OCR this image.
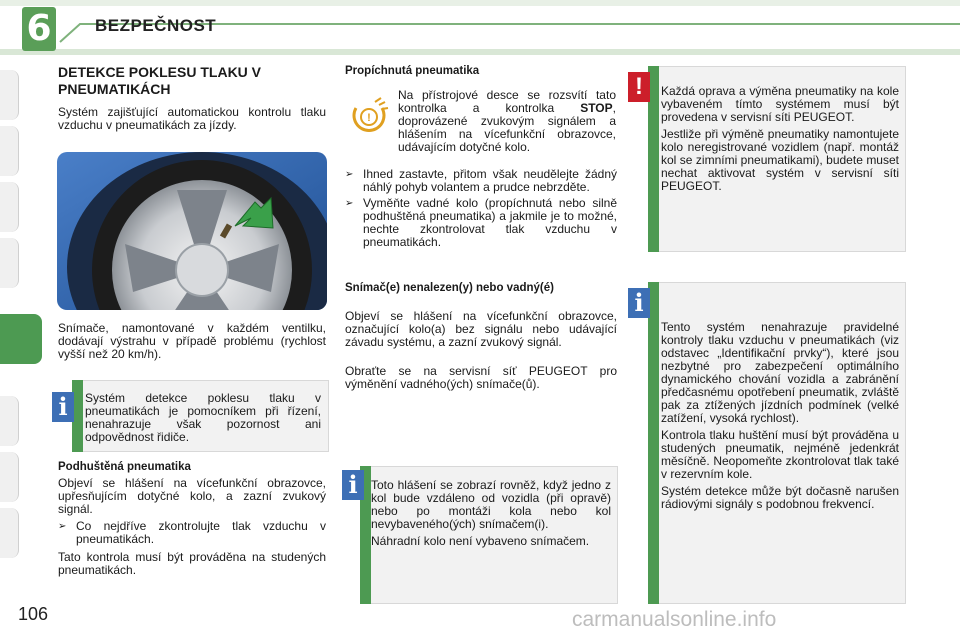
6	BEZPEČNOST
DETEKCE POKLESU TLAKU V PNEUMATIKÁCH
Systém zajišťující automatickou kontrolu tlaku vzduchu v pneumatikách za jízdy.
Snímače, namontované v každém ventilku, dodávají výstrahu v případě problému (rychlost vyšší než 20 km/h).
Systém detekce poklesu tlaku v pneumatikách je pomocníkem při řízení, nenahrazuje však pozornost ani odpovědnost řidiče.
i
Podhuštěná pneumatika
Objeví se hlášení na vícefunkční obrazovce, upřesňujícím dotyčné kolo, a zazní zvukový signál.
➢ Co nejdříve zkontrolujte tlak vzduchu v pneumatikách.
Tato kontrola musí být prováděna na studených pneumatikách.
Propíchnutá pneumatika
!
Na přístrojové desce se rozsvítí tato kontrolka a kontrolka STOP, doprovázené zvukovým signálem a hlášením na vícefunkční obrazovce, udávajícím dotyčné kolo.
➢ Ihned zastavte, přitom však neudělejte žádný náhlý pohyb volantem a prudce nebrzděte.
➢ Vyměňte vadné kolo (propíchnutá nebo silně podhuštěná pneumatika) a jakmile je to možné, nechte zkontrolovat tlak vzduchu v pneumatikách.
Snímač(e) nenalezen(y) nebo vadný(é)
Objeví se hlášení na vícefunkční obrazovce, označující kolo(a) bez signálu nebo udávající závadu systému, a zazní zvukový signál.
Obraťte se na servisní síť PEUGEOT pro výměnění vadného(ých) snímače(ů).
Toto hlášení se zobrazí rovněž, když jedno z kol bude vzdáleno od vozidla (při opravě) nebo po montáži kola nebo kol nevybaveného(ých) snímačem(i).
Náhradní kolo není vybaveno snímačem.
i
Každá oprava a výměna pneumatiky na kole vybaveném tímto systémem musí být provedena v servisní síti PEUGEOT.
Jestliže při výměně pneumatiky namontujete kolo neregistrované vozidlem (např. montáž kol se zimními pneumatikami), budete muset nechat aktivovat systém v servisní síti PEUGEOT.
!
Tento systém nenahrazuje pravidelné kontroly tlaku vzduchu v pneumatikách (viz odstavec „Identifikační prvky“), které jsou nezbytné pro zabezpečení optimálního dynamického chování vozidla a zabránění předčasnému opotřebení pneumatik, zvláště pak za ztížených jízdních podmínek (velké zatížení, vysoká rychlost).
Kontrola tlaku huštění musí být prováděna u studených pneumatik, nejméně jedenkrát měsíčně. Neopomeňte zkontrolovat tlak také v rezervním kole.
Systém detekce může být dočasně narušen rádiovými signály s podobnou frekvencí.
i
106	carmanualsonline.info
